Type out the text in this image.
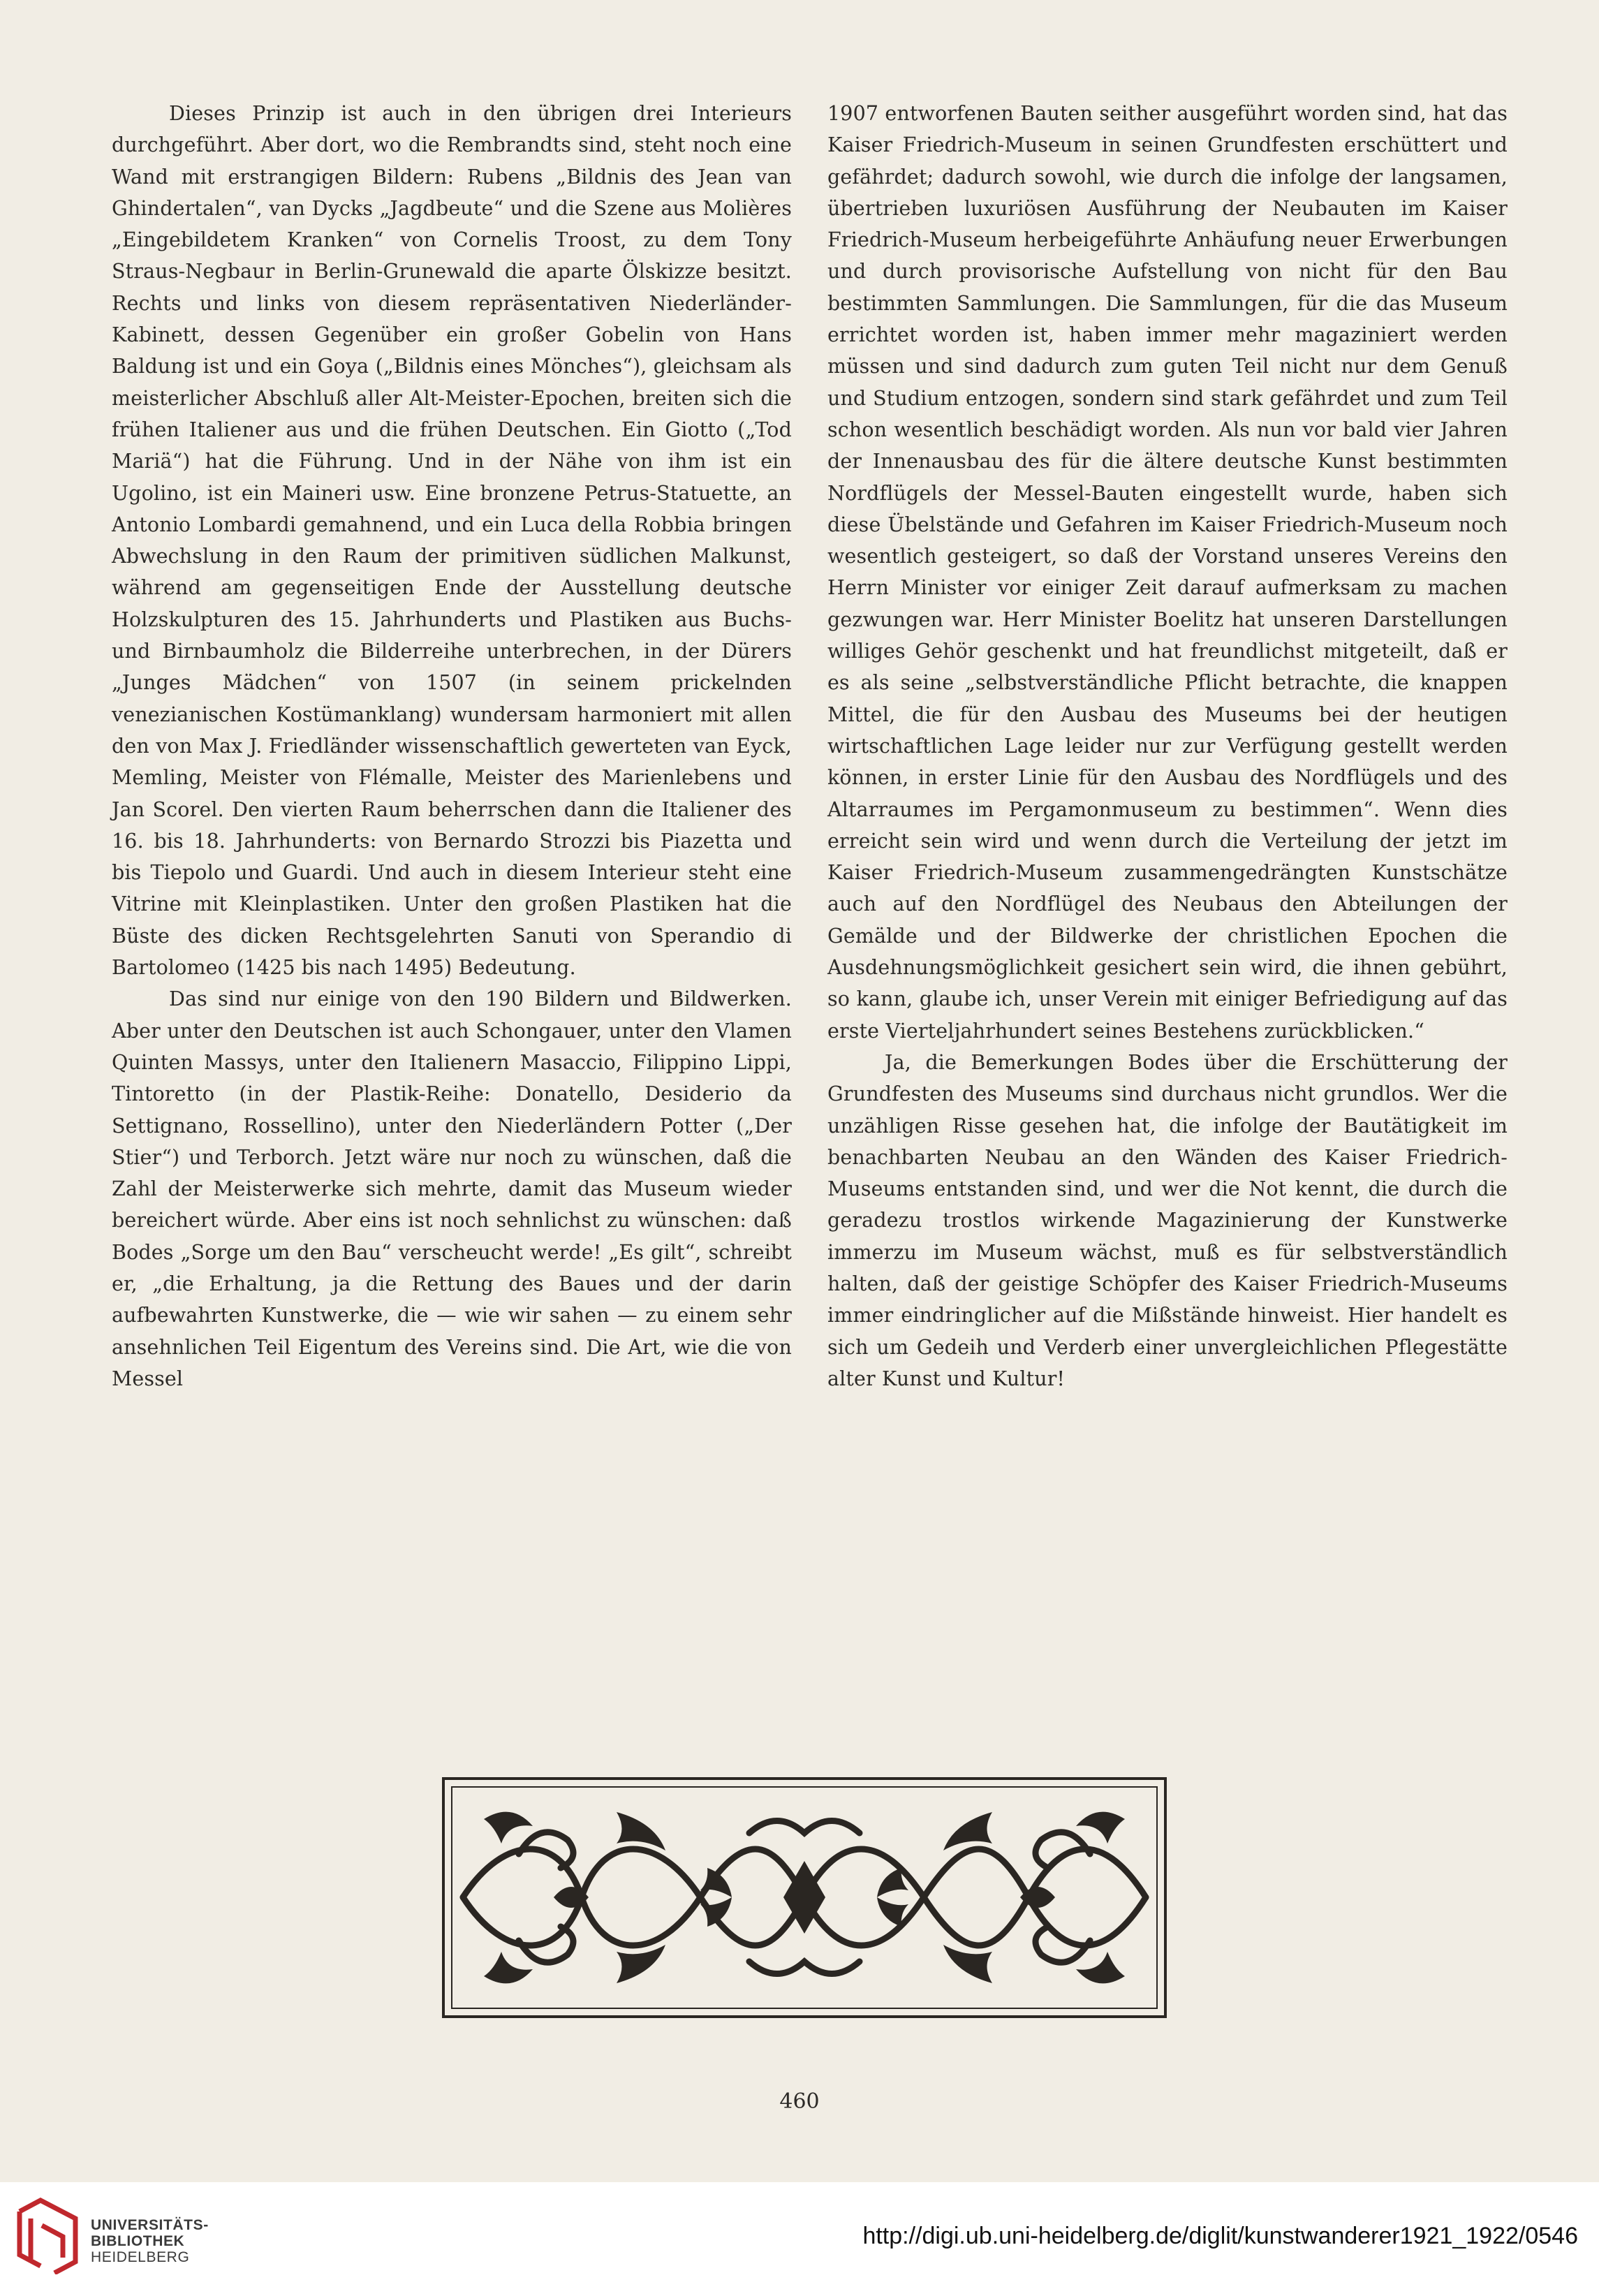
Dieses Prinzip ist auch in den übrigen drei Interieurs durchgeführt. Aber dort, wo die Rembrandts sind, steht noch eine Wand mit erstrangigen Bildern: Rubens „Bildnis des Jean van Ghindertalen“, van Dycks „Jagdbeute“ und die Szene aus Molières „Eingebildetem Kranken“ von Cornelis Troost, zu dem Tony Straus-Negbaur in Berlin-Grunewald die aparte Ölskizze besitzt. Rechts und links von diesem repräsentativen Niederländer-Kabinett, dessen Gegenüber ein großer Gobelin von Hans Baldung ist und ein Goya („Bildnis eines Mönches“), gleichsam als meisterlicher Abschluß aller Alt-Meister-Epochen, breiten sich die frühen Italiener aus und die frühen Deutschen. Ein Giotto („Tod Mariä“) hat die Führung. Und in der Nähe von ihm ist ein Ugolino, ist ein Maineri usw. Eine bronzene Petrus-Statuette, an Antonio Lombardi gemahnend, und ein Luca della Robbia bringen Abwechslung in den Raum der primitiven südlichen Malkunst, während am gegenseitigen Ende der Ausstellung deutsche Holzskulpturen des 15. Jahrhunderts und Plastiken aus Buchs- und Birnbaumholz die Bilderreihe unterbrechen, in der Dürers „Junges Mädchen“ von 1507 (in seinem prickelnden venezianischen Kostümanklang) wundersam harmoniert mit allen den von Max J. Friedländer wissenschaftlich gewerteten van Eyck, Memling, Meister von Flémalle, Meister des Marienlebens und Jan Scorel. Den vierten Raum beherrschen dann die Italiener des 16. bis 18. Jahrhunderts: von Bernardo Strozzi bis Piazetta und bis Tiepolo und Guardi. Und auch in diesem Interieur steht eine Vitrine mit Kleinplastiken. Unter den großen Plastiken hat die Büste des dicken Rechtsgelehrten Sanuti von Sperandio di Bartolomeo (1425 bis nach 1495) Bedeutung.

Das sind nur einige von den 190 Bildern und Bildwerken. Aber unter den Deutschen ist auch Schongauer, unter den Vlamen Quinten Massys, unter den Italienern Masaccio, Filippino Lippi, Tintoretto (in der Plastik-Reihe: Donatello, Desiderio da Settignano, Rossellino), unter den Niederländern Potter („Der Stier“) und Terborch. Jetzt wäre nur noch zu wünschen, daß die Zahl der Meisterwerke sich mehrte, damit das Museum wieder bereichert würde. Aber eins ist noch sehnlichst zu wünschen: daß Bodes „Sorge um den Bau“ verscheucht werde! „Es gilt“, schreibt er, „die Erhaltung, ja die Rettung des Baues und der darin aufbewahrten Kunstwerke, die — wie wir sahen — zu einem sehr ansehnlichen Teil Eigentum des Vereins sind. Die Art, wie die von Messel

1907 entworfenen Bauten seither ausgeführt worden sind, hat das Kaiser Friedrich-Museum in seinen Grundfesten erschüttert und gefährdet; dadurch sowohl, wie durch die infolge der langsamen, übertrieben luxuriösen Ausführung der Neubauten im Kaiser Friedrich-Museum herbeigeführte Anhäufung neuer Erwerbungen und durch provisorische Aufstellung von nicht für den Bau bestimmten Sammlungen. Die Sammlungen, für die das Museum errichtet worden ist, haben immer mehr magaziniert werden müssen und sind dadurch zum guten Teil nicht nur dem Genuß und Studium entzogen, sondern sind stark gefährdet und zum Teil schon wesentlich beschädigt worden. Als nun vor bald vier Jahren der Innenausbau des für die ältere deutsche Kunst bestimmten Nordflügels der Messel-Bauten eingestellt wurde, haben sich diese Übelstände und Gefahren im Kaiser Friedrich-Museum noch wesentlich gesteigert, so daß der Vorstand unseres Vereins den Herrn Minister vor einiger Zeit darauf aufmerksam zu machen gezwungen war. Herr Minister Boelitz hat unseren Darstellungen williges Gehör geschenkt und hat freundlichst mitgeteilt, daß er es als seine „selbstverständliche Pflicht betrachte, die knappen Mittel, die für den Ausbau des Museums bei der heutigen wirtschaftlichen Lage leider nur zur Verfügung gestellt werden können, in erster Linie für den Ausbau des Nordflügels und des Altarraumes im Pergamonmuseum zu bestimmen“. Wenn dies erreicht sein wird und wenn durch die Verteilung der jetzt im Kaiser Friedrich-Museum zusammengedrängten Kunstschätze auch auf den Nordflügel des Neubaus den Abteilungen der Gemälde und der Bildwerke der christlichen Epochen die Ausdehnungsmöglichkeit gesichert sein wird, die ihnen gebührt, so kann, glaube ich, unser Verein mit einiger Befriedigung auf das erste Vierteljahrhundert seines Bestehens zurückblicken.“

Ja, die Bemerkungen Bodes über die Erschütterung der Grundfesten des Museums sind durchaus nicht grundlos. Wer die unzähligen Risse gesehen hat, die infolge der Bautätigkeit im benachbarten Neubau an den Wänden des Kaiser Friedrich-Museums entstanden sind, und wer die Not kennt, die durch die geradezu trostlos wirkende Magazinierung der Kunstwerke immerzu im Museum wächst, muß es für selbstverständlich halten, daß der geistige Schöpfer des Kaiser Friedrich-Museums immer eindringlicher auf die Mißstände hinweist. Hier handelt es sich um Gedeih und Verderb einer unvergleichlichen Pflegestätte alter Kunst und Kultur!

460
UNIVERSITÄTS-
BIBLIOTHEK
HEIDELBERG
http://digi.ub.uni-heidelberg.de/diglit/kunstwanderer1921_1922/0546
